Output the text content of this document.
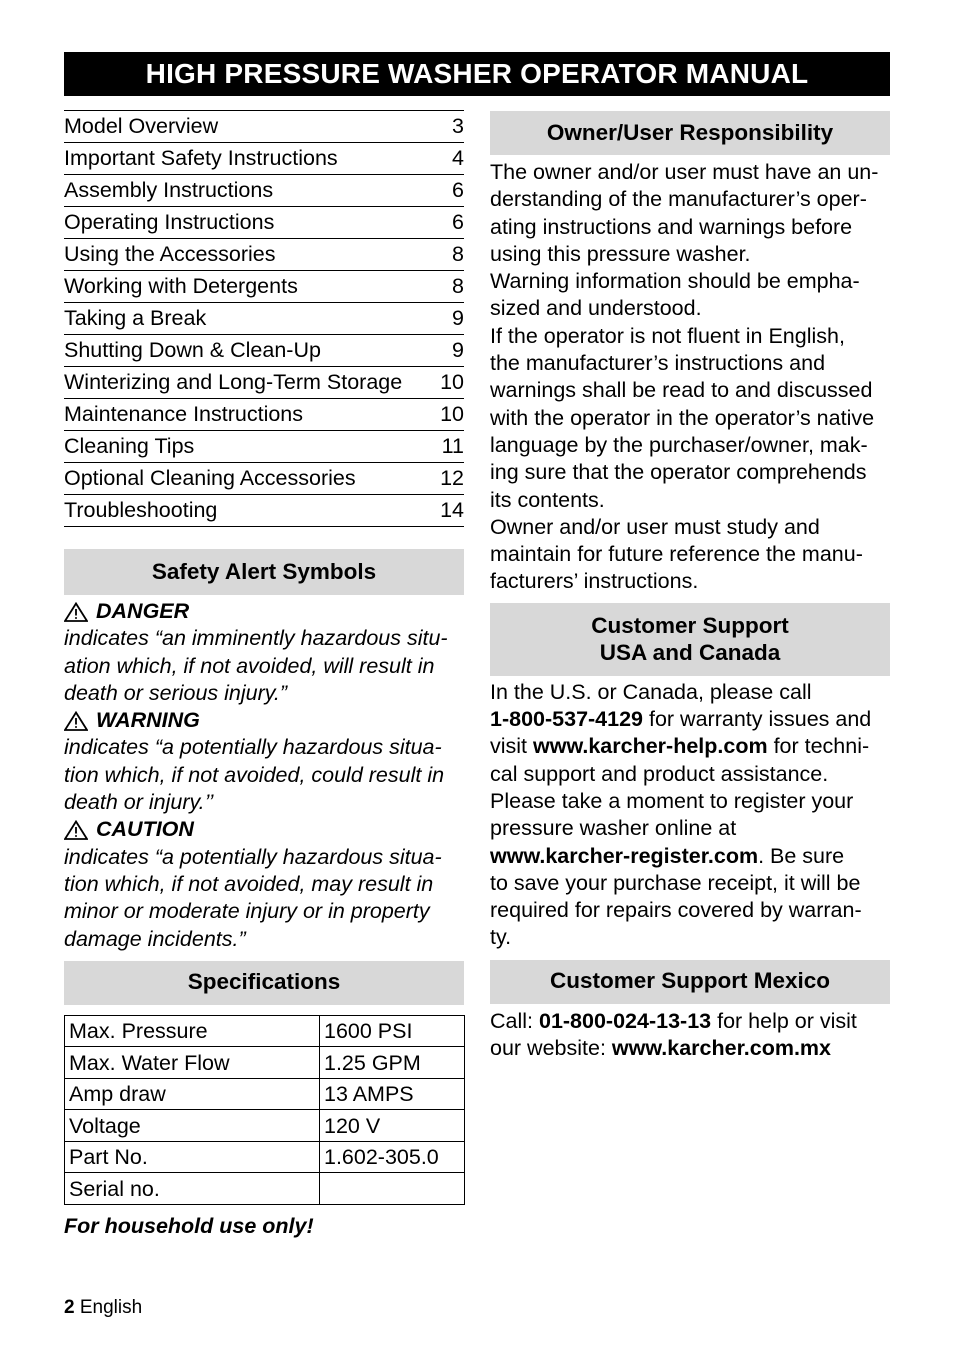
HIGH PRESSURE WASHER OPERATOR MANUAL
Model Overview	3
Important Safety Instructions	4
Assembly Instructions	6
Operating Instructions	6
Using the Accessories	8
Working with Detergents	8
Taking a Break	9
Shutting Down & Clean-Up	9
Winterizing and Long-Term Storage 10
Maintenance Instructions	10
Cleaning Tips	11
Optional Cleaning Accessories	12
Troubleshooting	14
Safety Alert Symbols
DANGER

indicates “an imminently hazardous situ-

ation which, if not avoided, will result in

death or serious injury.”

WARNING

indicates “a potentially hazardous situa-

tion which, if not avoided, could result in

death or injury.’’

CAUTION

indicates “a potentially hazardous situa-

tion which, if not avoided, may result in

minor or moderate injury or in property

damage incidents.”

Specifications
Max. Pressure	1600 PSI
Max. Water Flow	1.25 GPM
Amp draw	13 AMPS
Voltage	120 V
Part No.	1.602-305.0
Serial no.	

For household use only!

Owner/User Responsibility

The owner and/or user must have an un-

derstanding of the manufacturer’s oper-

ating instructions and warnings before

using this pressure washer.

Warning information should be empha-

sized and understood.

If the operator is not fluent in English,

the manufacturer’s instructions and

warnings shall be read to and discussed

with the operator in the operator’s native

language by the purchaser/owner, mak-

ing sure that the operator comprehends

its contents.

Owner and/or user must study and

maintain for future reference the manu-

facturers’ instructions.

Customer Support
USA and Canada

In the U.S. or Canada, please call

1-800-537-4129 for warranty issues and

visit www.karcher-help.com for techni-

cal support and product assistance.

Please take a moment to register your

pressure washer online at

www.karcher-register.com. Be sure

to save your purchase receipt, it will be

required for repairs covered by warran-

ty.

Customer Support Mexico

Call: 01-800-024-13-13 for help or visit

our website: www.karcher.com.mx

2 English
